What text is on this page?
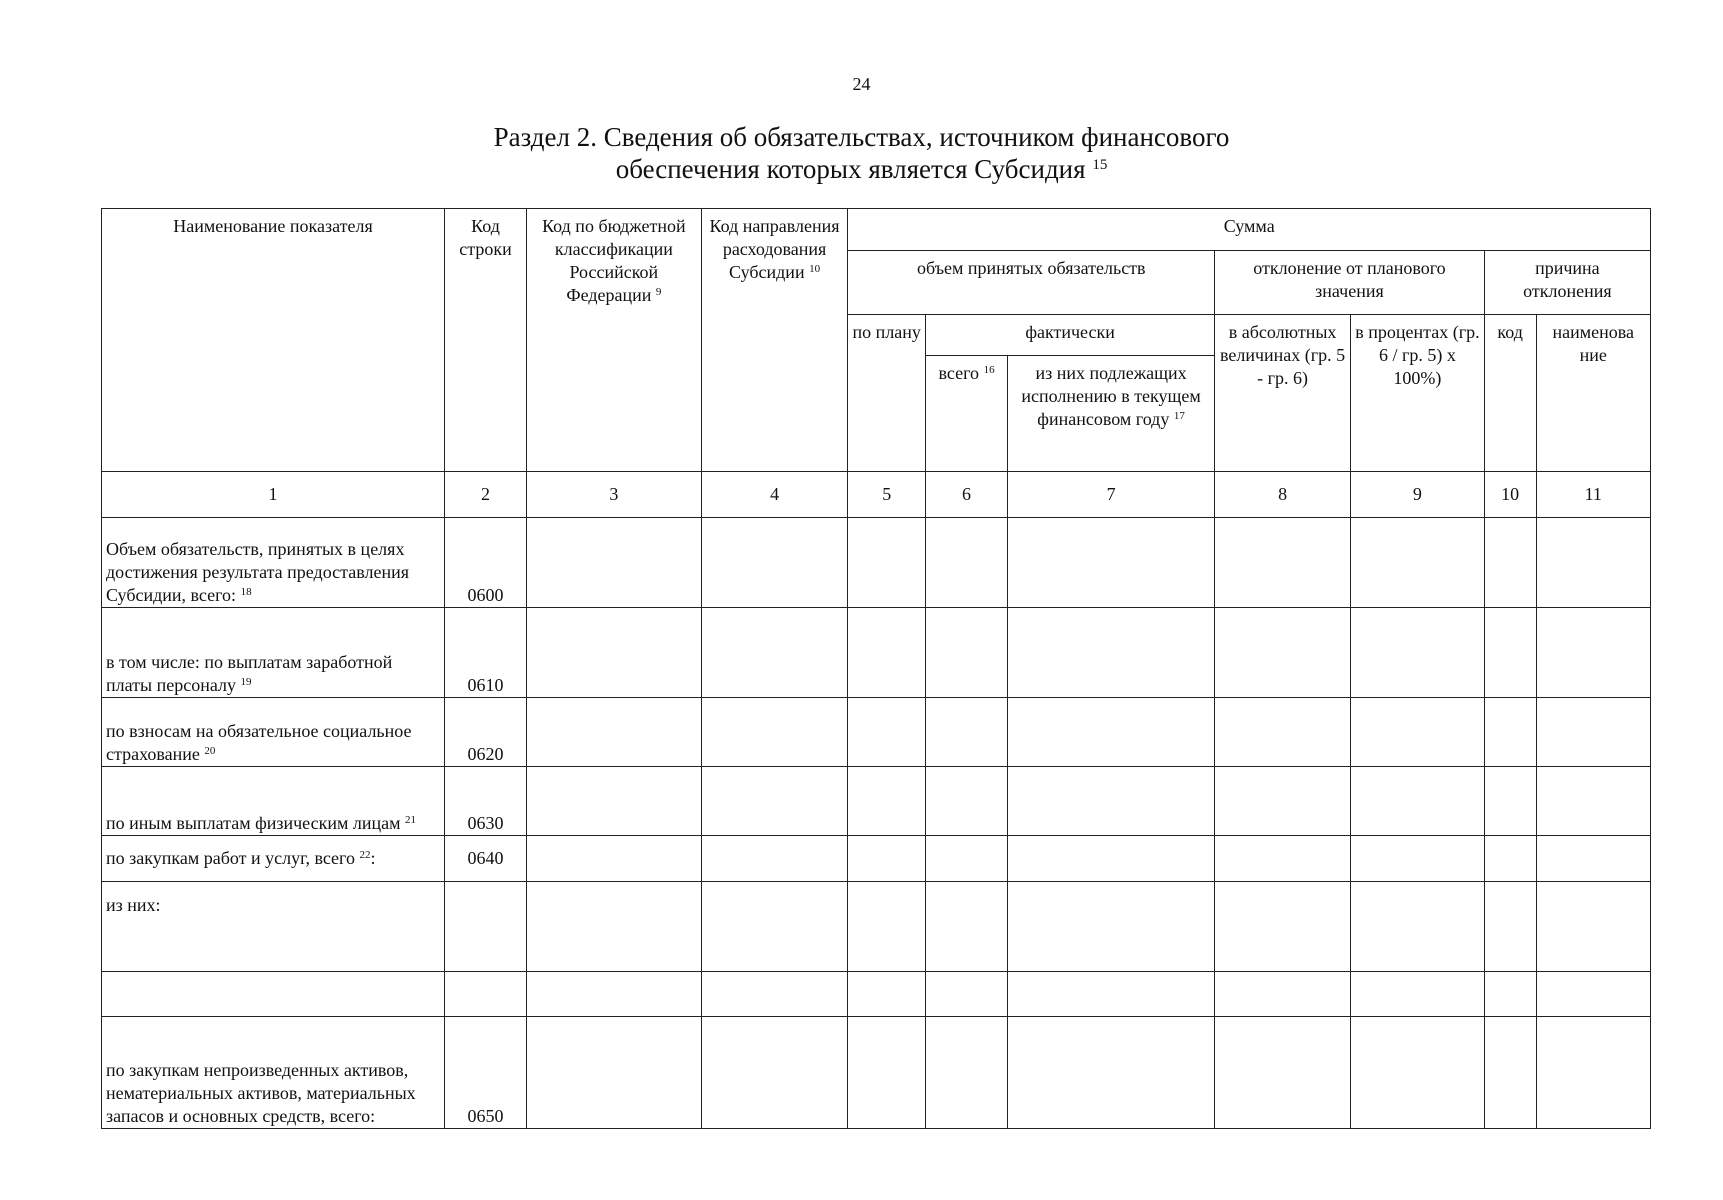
24
Раздел 2. Сведения об обязательствах, источником финансового
обеспечения которых является Субсидия $^{15}$
Наименование показателя	Код строки	Код по бюджетной классификации Российской Федерации $^9$	Код направления расходования Субсидии $^{10}$	Сумма						
				объем принятых обязательств			отклонение от планового значения		причина отклонения	
				по плану	фактически		в абсолютных величинах (гр. 5 - гр. 6)	в процентах (гр. 6 / гр. 5) x 100%)	код	наименова ние
					всего $^{16}$	из них подлежащих исполнению в текущем финансовом году $^{17}$
1	2	3	4	5	6	7	8	9	10	11
Объем обязательств, принятых в целях достижения результата предоставления Субсидии, всего: $^{18}$	0600									
в том числе: по выплатам заработной платы персоналу $^{19}$	0610									
по взносам на обязательное социальное страхование $^{20}$	0620									
по иным выплатам физическим лицам $^{21}$	0630									
по закупкам работ и услуг, всего $^{22}$:	0640									
из них:										

по закупкам непроизведенных активов, нематериальных активов, материальных запасов и основных средств, всего:	0650									
